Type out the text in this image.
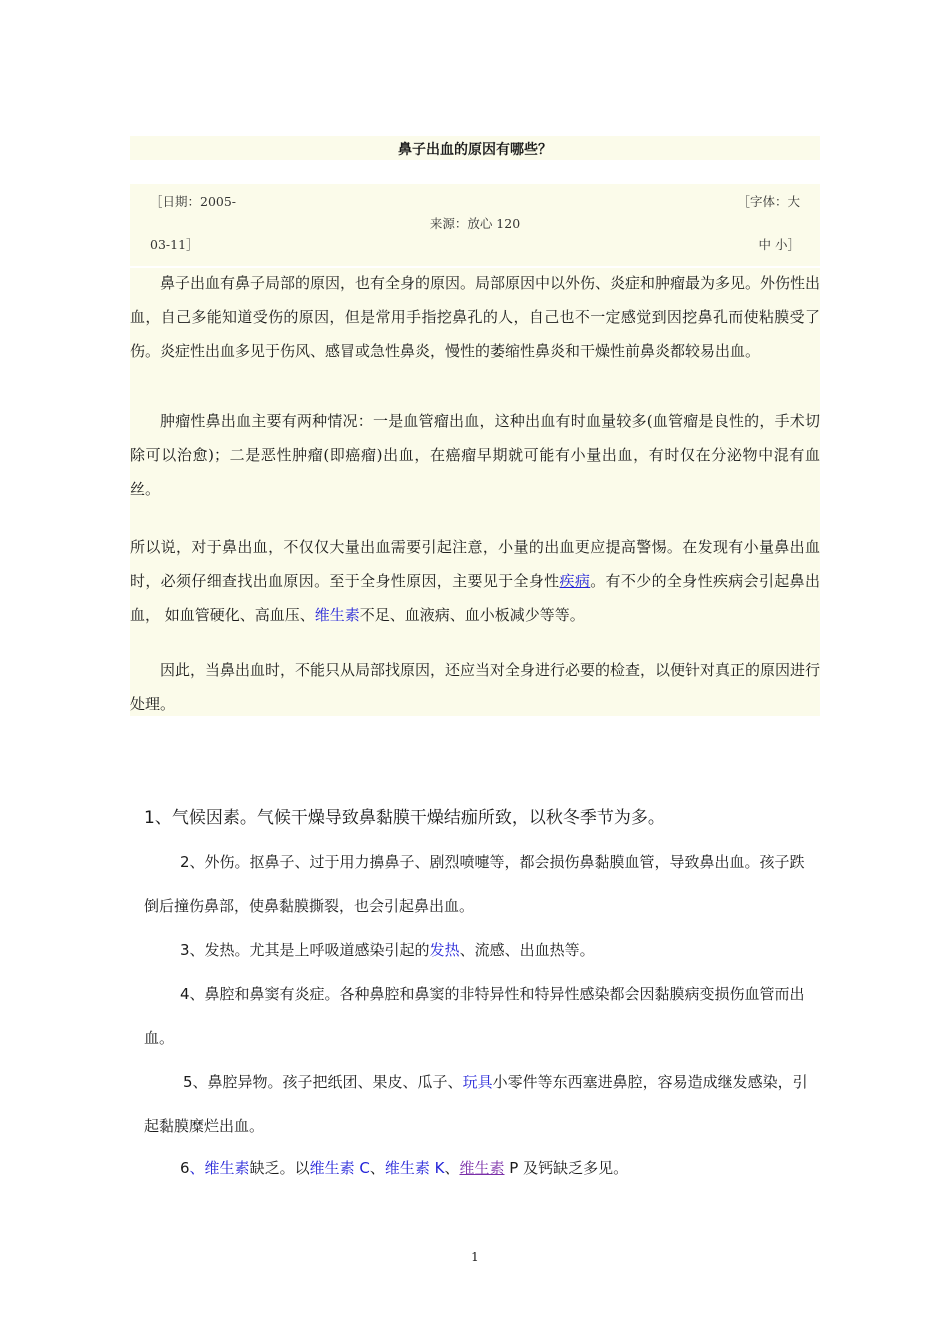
鼻子出血的原因有哪些？
［日期：2005-
03-11］
来源：放心 120
［字体：大
中 小］

鼻子出血有鼻子局部的原因，也有全身的原因。局部原因中以外伤、炎症和肿瘤最为多见。外伤性出血，自己多能知道受伤的原因，但是常用手指挖鼻孔的人，自己也不一定感觉到因挖鼻孔而使粘膜受了伤。炎症性出血多见于伤风、感冒或急性鼻炎，慢性的萎缩性鼻炎和干燥性前鼻炎都较易出血。

肿瘤性鼻出血主要有两种情况：一是血管瘤出血，这种出血有时血量较多(血管瘤是良性的，手术切除可以治愈)；二是恶性肿瘤(即癌瘤)出血，在癌瘤早期就可能有小量出血，有时仅在分泌物中混有血丝。

所以说，对于鼻出血，不仅仅大量出血需要引起注意，小量的出血更应提高警惕。在发现有小量鼻出血时，必须仔细查找出血原因。至于全身性原因，主要见于全身性疾病。有不少的全身性疾病会引起鼻出血， 如血管硬化、高血压、维生素不足、血液病、血小板减少等等。

因此，当鼻出血时，不能只从局部找原因，还应当对全身进行必要的检查，以便针对真正的原因进行处理。

1、气候因素。气候干燥导致鼻黏膜干燥结痂所致，以秋冬季节为多。

2、外伤。抠鼻子、过于用力擤鼻子、剧烈喷嚏等，都会损伤鼻黏膜血管，导致鼻出血。孩子跌倒后撞伤鼻部，使鼻黏膜撕裂，也会引起鼻出血。

3、发热。尤其是上呼吸道感染引起的发热、流感、出血热等。

4、鼻腔和鼻窦有炎症。各种鼻腔和鼻窦的非特异性和特异性感染都会因黏膜病变损伤血管而出血。

5、鼻腔异物。孩子把纸团、果皮、瓜子、玩具小零件等东西塞进鼻腔，容易造成继发感染，引起黏膜糜烂出血。

6、维生素缺乏。以维生素 C、维生素 K、维生素 P 及钙缺乏多见。

1
